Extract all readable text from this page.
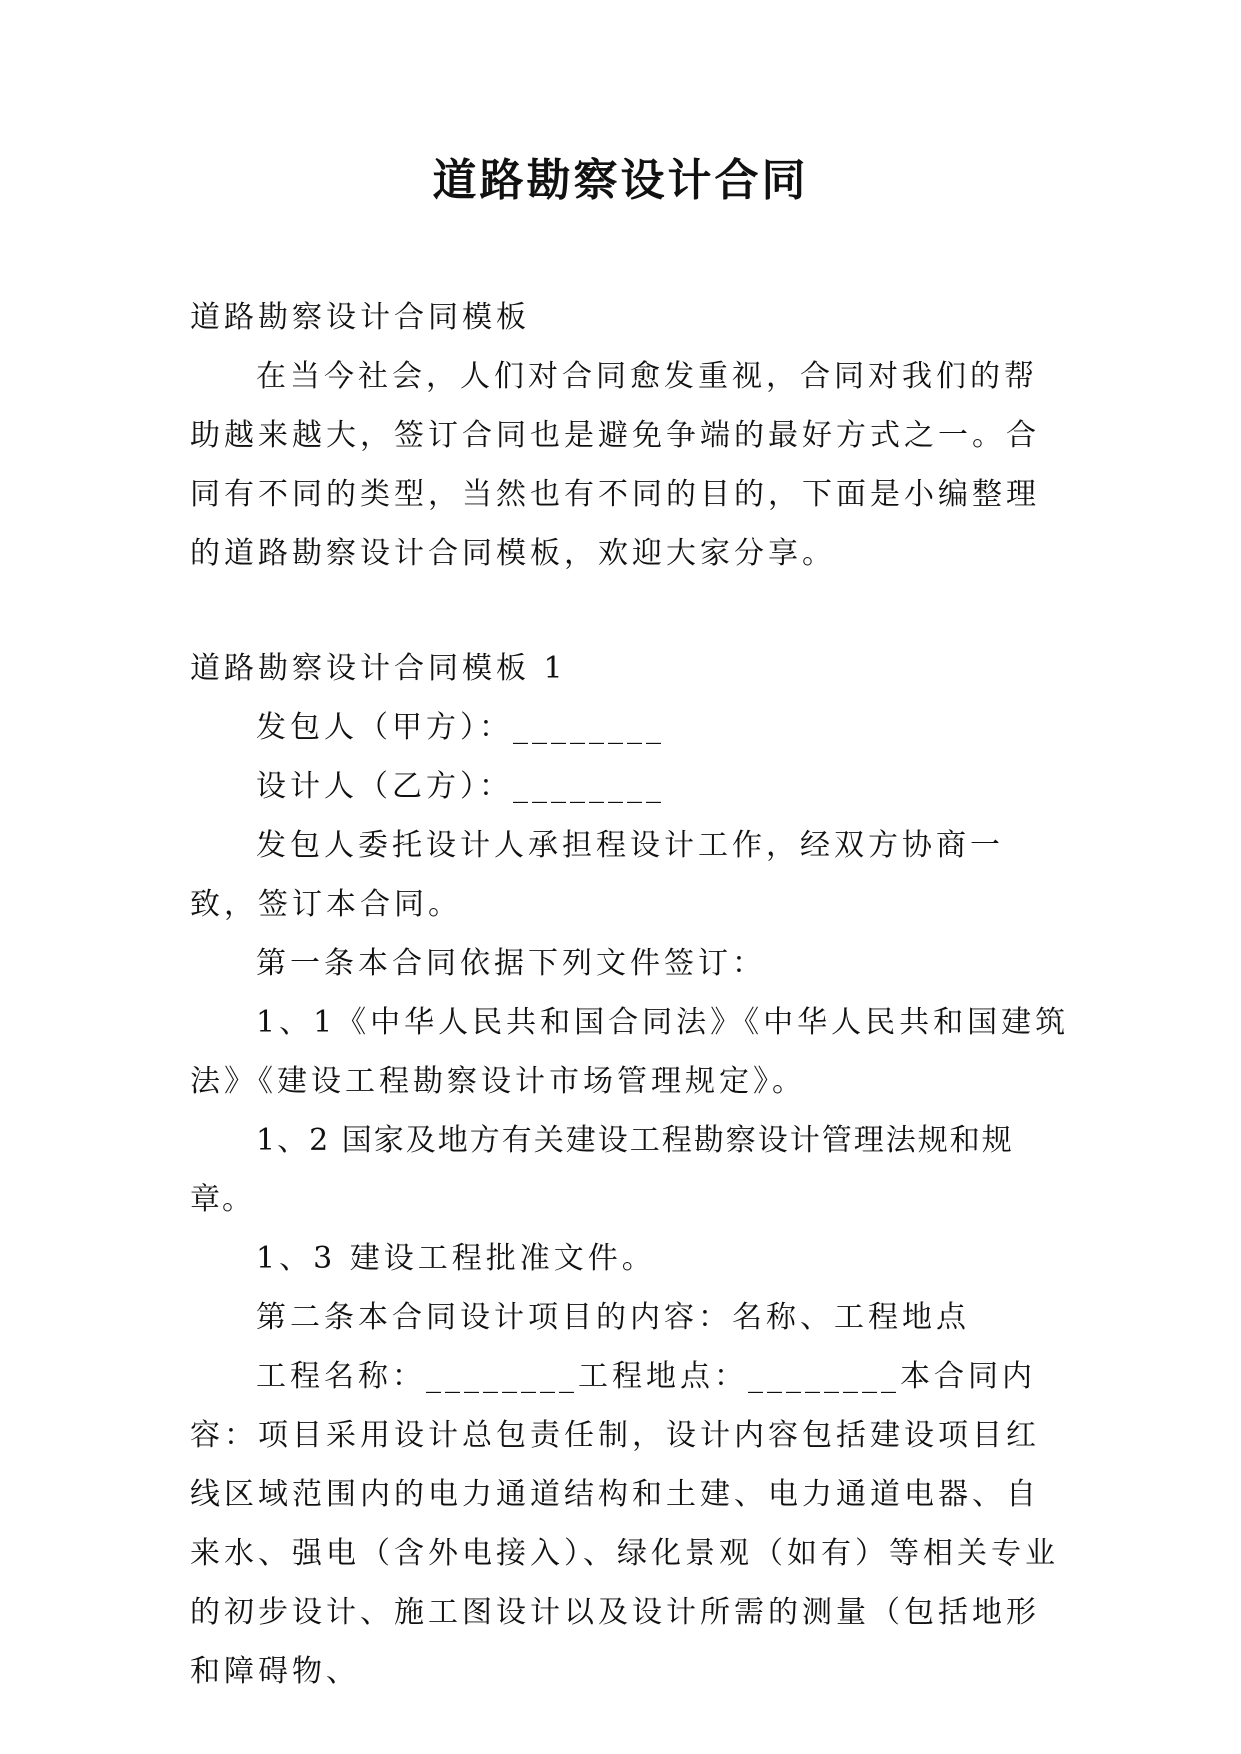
道路勘察设计合同

道路勘察设计合同模板

在当今社会，人们对合同愈发重视，合同对我们的帮助越来越大，签订合同也是避免争端的最好方式之一。合同有不同的类型，当然也有不同的目的，下面是小编整理的道路勘察设计合同模板，欢迎大家分享。

道路勘察设计合同模板 1

发包人（甲方）：________

设计人（乙方）：________

发包人委托设计人承担程设计工作，经双方协商一致，签订本合同。

第一条本合同依据下列文件签订：

1、1《中华人民共和国合同法》《中华人民共和国建筑法》《建设工程勘察设计市场管理规定》。

1、2 国家及地方有关建设工程勘察设计管理法规和规章。

1、3 建设工程批准文件。

第二条本合同设计项目的内容：名称、工程地点

工程名称：________工程地点：________本合同内容：项目采用设计总包责任制，设计内容包括建设项目红线区域范围内的电力通道结构和土建、电力通道电器、自来水、强电（含外电接入）、绿化景观（如有）等相关专业的初步设计、施工图设计以及设计所需的测量（包括地形和障碍物、
